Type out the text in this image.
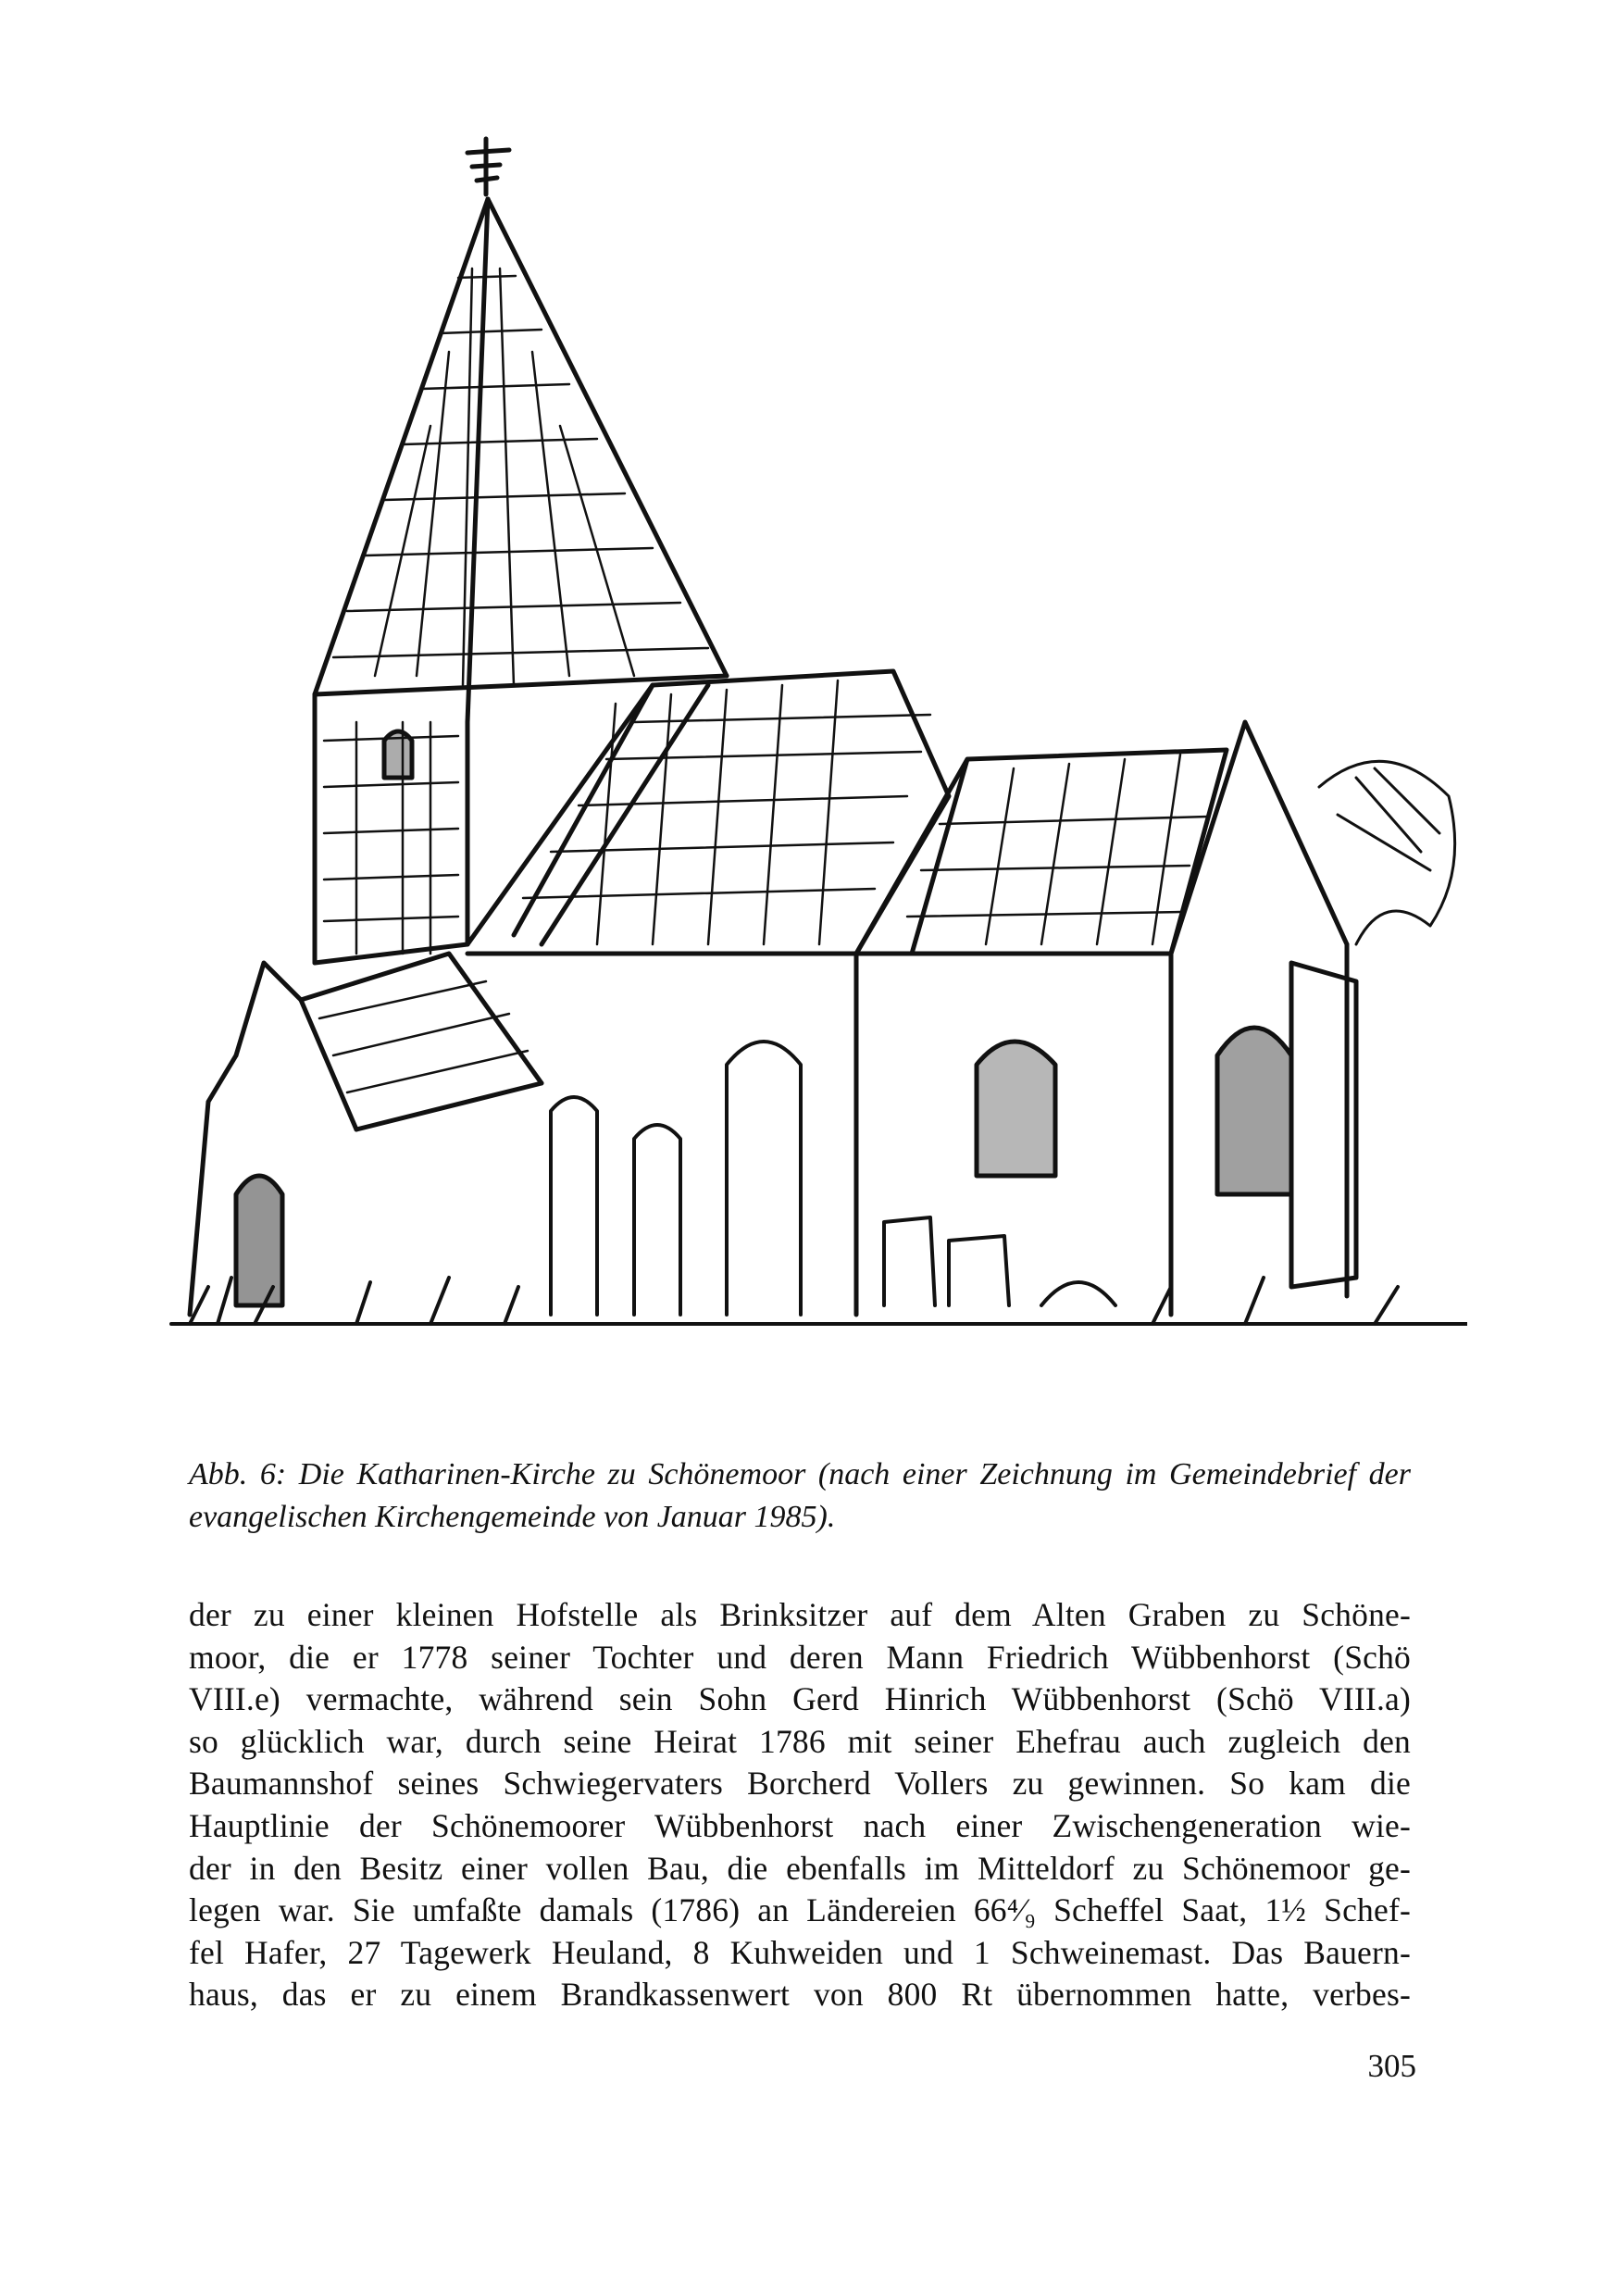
Abb. 6: Die Katharinen-Kirche zu Schönemoor (nach einer Zeichnung im Gemeindebrief der evangelischen Kirchengemeinde von Januar 1985).
der zu einer kleinen Hofstelle als Brinksitzer auf dem Alten Graben zu Schöne-
moor, die er 1778 seiner Tochter und deren Mann Friedrich Wübbenhorst (Schö
VIII.e) vermachte, während sein Sohn Gerd Hinrich Wübbenhorst (Schö VIII.a)
so glücklich war, durch seine Heirat 1786 mit seiner Ehefrau auch zugleich den
Baumannshof seines Schwiegervaters Borcherd Vollers zu gewinnen. So kam die
Hauptlinie der Schönemoorer Wübbenhorst nach einer Zwischengeneration wie-
der in den Besitz einer vollen Bau, die ebenfalls im Mitteldorf zu Schönemoor ge-
legen war. Sie umfaßte damals (1786) an Ländereien 66⁴⁄₉ Scheffel Saat, 1½ Schef-
fel Hafer, 27 Tagewerk Heuland, 8 Kuhweiden und 1 Schweinemast. Das Bauern-
haus, das er zu einem Brandkassenwert von 800 Rt übernommen hatte, verbes-
305
